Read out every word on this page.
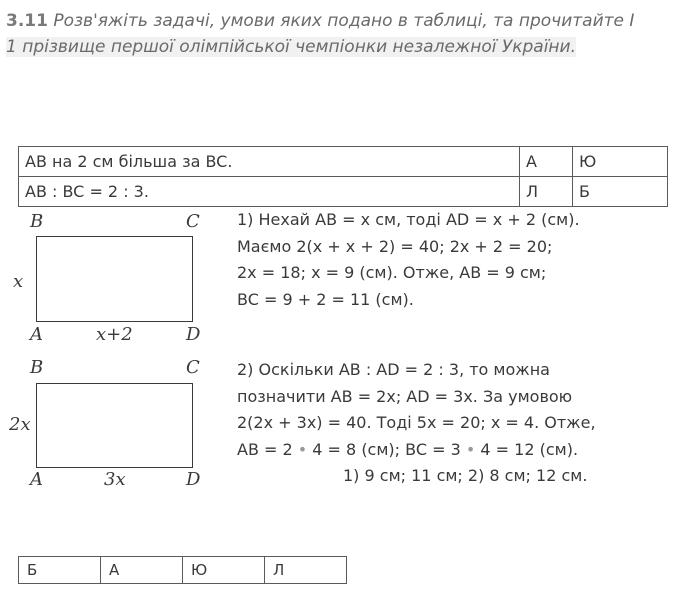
3.11 Розв'яжіть задачі, умови яких подано в таблиці, та прочитайте І
1 прізвище першої олімпійської чемпіонки незалежної України.
AB на 2 см більша за BC.	А	Ю
AB : BC = 2 : 3.	Л	Б
B	C
A	D
x
x+2
1) Нехай AB = x см, тоді AD = x + 2 (см).
Маємо 2(x + x + 2) = 40; 2x + 2 = 20;
2x = 18; x = 9 (см). Отже, AB = 9 см;
BC = 9 + 2 = 11 (см).
B	C
A	D
2x
3x
2) Оскільки AB : AD = 2 : 3, то можна
позначити AB = 2x; AD = 3x. За умовою
2(2x + 3x) = 40. Тоді 5x = 20; x = 4. Отже,
AB = 2 • 4 = 8 (см); BC = 3 • 4 = 12 (см).
1) 9 см; 11 см; 2) 8 см; 12 см.
Б	А	Ю	Л
